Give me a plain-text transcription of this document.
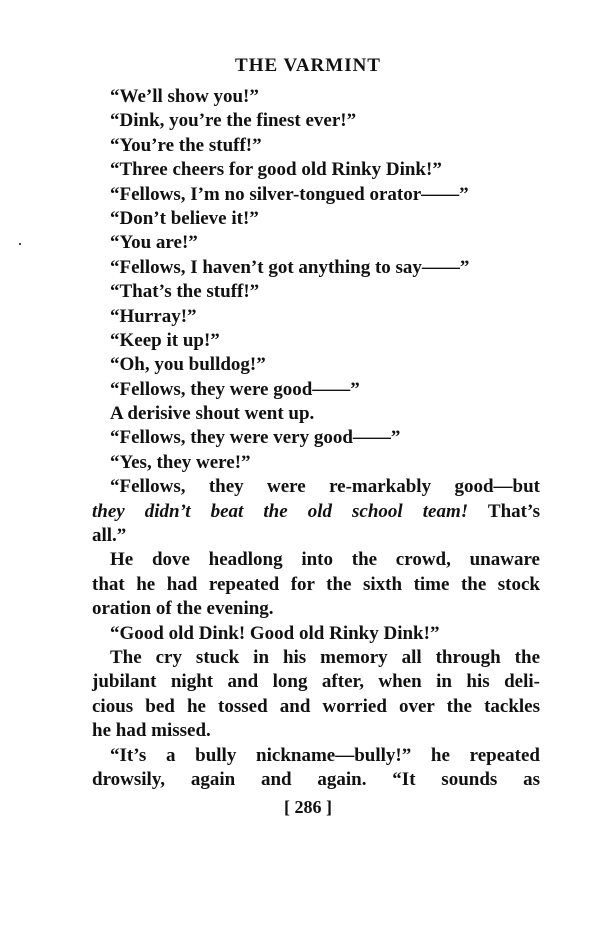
THE VARMINT
“We’ll show you!”
“Dink, you’re the finest ever!”
“You’re the stuff!”
“Three cheers for good old Rinky Dink!”
“Fellows, I’m no silver-tongued orator——”
“Don’t believe it!”
“You are!”
“Fellows, I haven’t got anything to say——”
“That’s the stuff!”
“Hurray!”
“Keep it up!”
“Oh, you bulldog!”
“Fellows, they were good——”
A derisive shout went up.
“Fellows, they were very good——”
“Yes, they were!”
“Fellows, they were re-markably good—but
they didn’t beat the old school team! That’s
all.”
He dove headlong into the crowd, unaware
that he had repeated for the sixth time the stock
oration of the evening.
“Good old Dink! Good old Rinky Dink!”
The cry stuck in his memory all through the
jubilant night and long after, when in his deli-
cious bed he tossed and worried over the tackles
he had missed.
“It’s a bully nickname—bully!” he repeated
drowsily, again and again. “It sounds as
[ 286 ]
